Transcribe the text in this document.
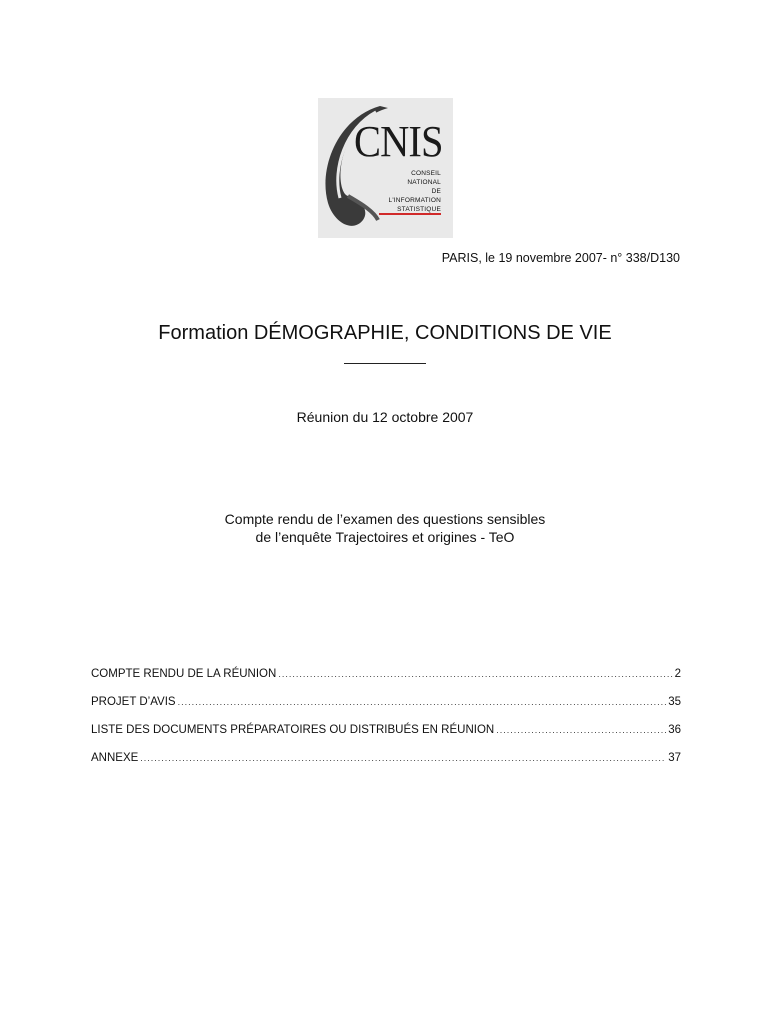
CNIS
CONSEIL
NATIONAL
DE
L'INFORMATION
STATISTIQUE
PARIS, le 19 novembre 2007- n° 338/D130
Formation DÉMOGRAPHIE, CONDITIONS DE VIE
Réunion du 12 octobre 2007
Compte rendu de l’examen des questions sensibles
de l’enquête Trajectoires et origines - TeO
COMPTE RENDU DE LA RÉUNION .....	2
PROJET D’AVIS .....	35
LISTE DES DOCUMENTS PRÉPARATOIRES OU DISTRIBUÉS EN RÉUNION .....	36
ANNEXE .....	37
